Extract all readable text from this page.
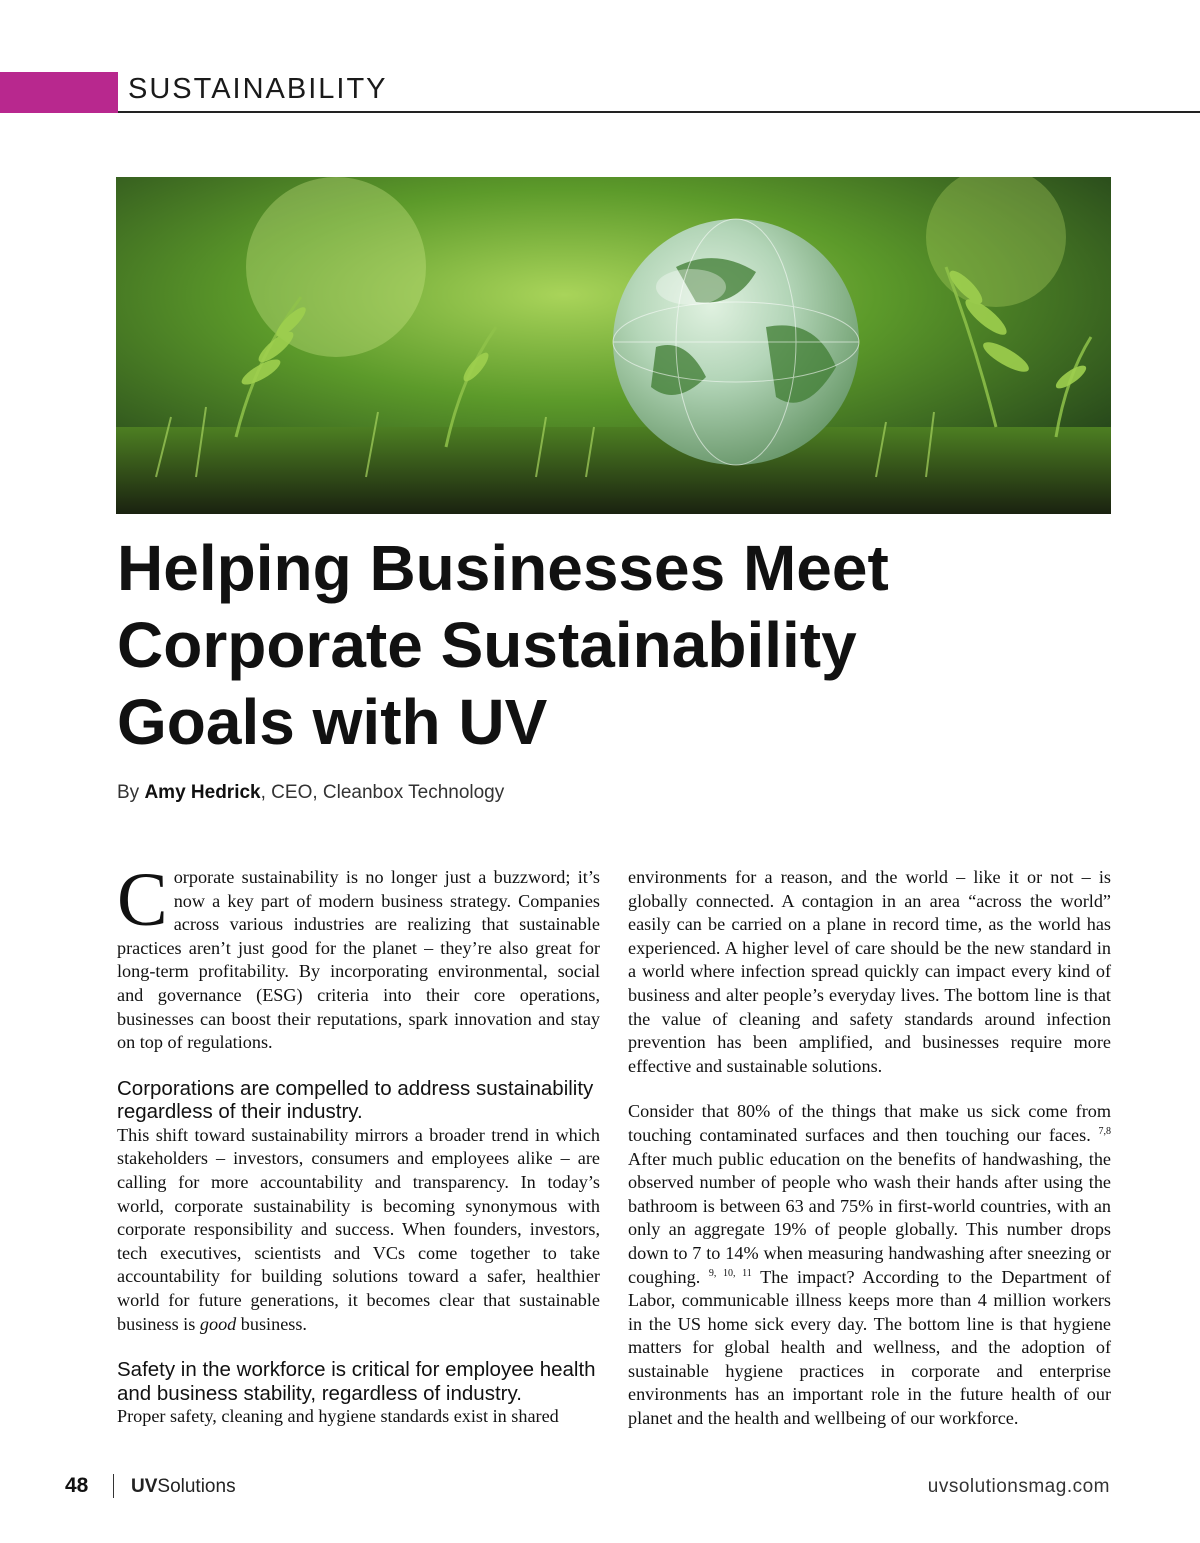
SUSTAINABILITY
Helping Businesses Meet
Corporate Sustainability
Goals with UV
By Amy Hedrick, CEO, Cleanbox Technology

Corporate sustainability is no longer just a buzzword; it’s now a key part of modern business strategy. Companies across various industries are realizing that sustainable practices aren’t just good for the planet – they’re also great for long-term profitability. By incorporating environmental, social and governance (ESG) criteria into their core operations, businesses can boost their reputations, spark innovation and stay on top of regulations.

Corporations are compelled to address sustainability regardless of their industry.

This shift toward sustainability mirrors a broader trend in which stakeholders – investors, consumers and employees alike – are calling for more accountability and transparency. In today’s world, corporate sustainability is becoming synonymous with corporate responsibility and success. When founders, investors, tech executives, scientists and VCs come together to take accountability for building solutions toward a safer, healthier world for future generations, it becomes clear that sustainable business is good business.

Safety in the workforce is critical for employee health and business stability, regardless of industry.

Proper safety, cleaning and hygiene standards exist in shared

environments for a reason, and the world – like it or not – is globally connected. A contagion in an area “across the world” easily can be carried on a plane in record time, as the world has experienced. A higher level of care should be the new standard in a world where infection spread quickly can impact every kind of business and alter people’s everyday lives. The bottom line is that the value of cleaning and safety standards around infection prevention has been amplified, and businesses require more effective and sustainable solutions.

Consider that 80% of the things that make us sick come from touching contaminated surfaces and then touching our faces. $^{7,8}$ After much public education on the benefits of handwashing, the observed number of people who wash their hands after using the bathroom is between 63 and 75% in first-world countries, with an only an aggregate 19% of people globally. This number drops down to 7 to 14% when measuring handwashing after sneezing or coughing. $^{9, 10, 11}$ The impact? According to the Department of Labor, communicable illness keeps more than 4 million workers in the US home sick every day. The bottom line is that hygiene matters for global health and wellness, and the adoption of sustainable hygiene practices in corporate and enterprise environments has an important role in the future health of our planet and the health and wellbeing of our workforce.

48 UVSolutions	uvsolutionsmag.com
